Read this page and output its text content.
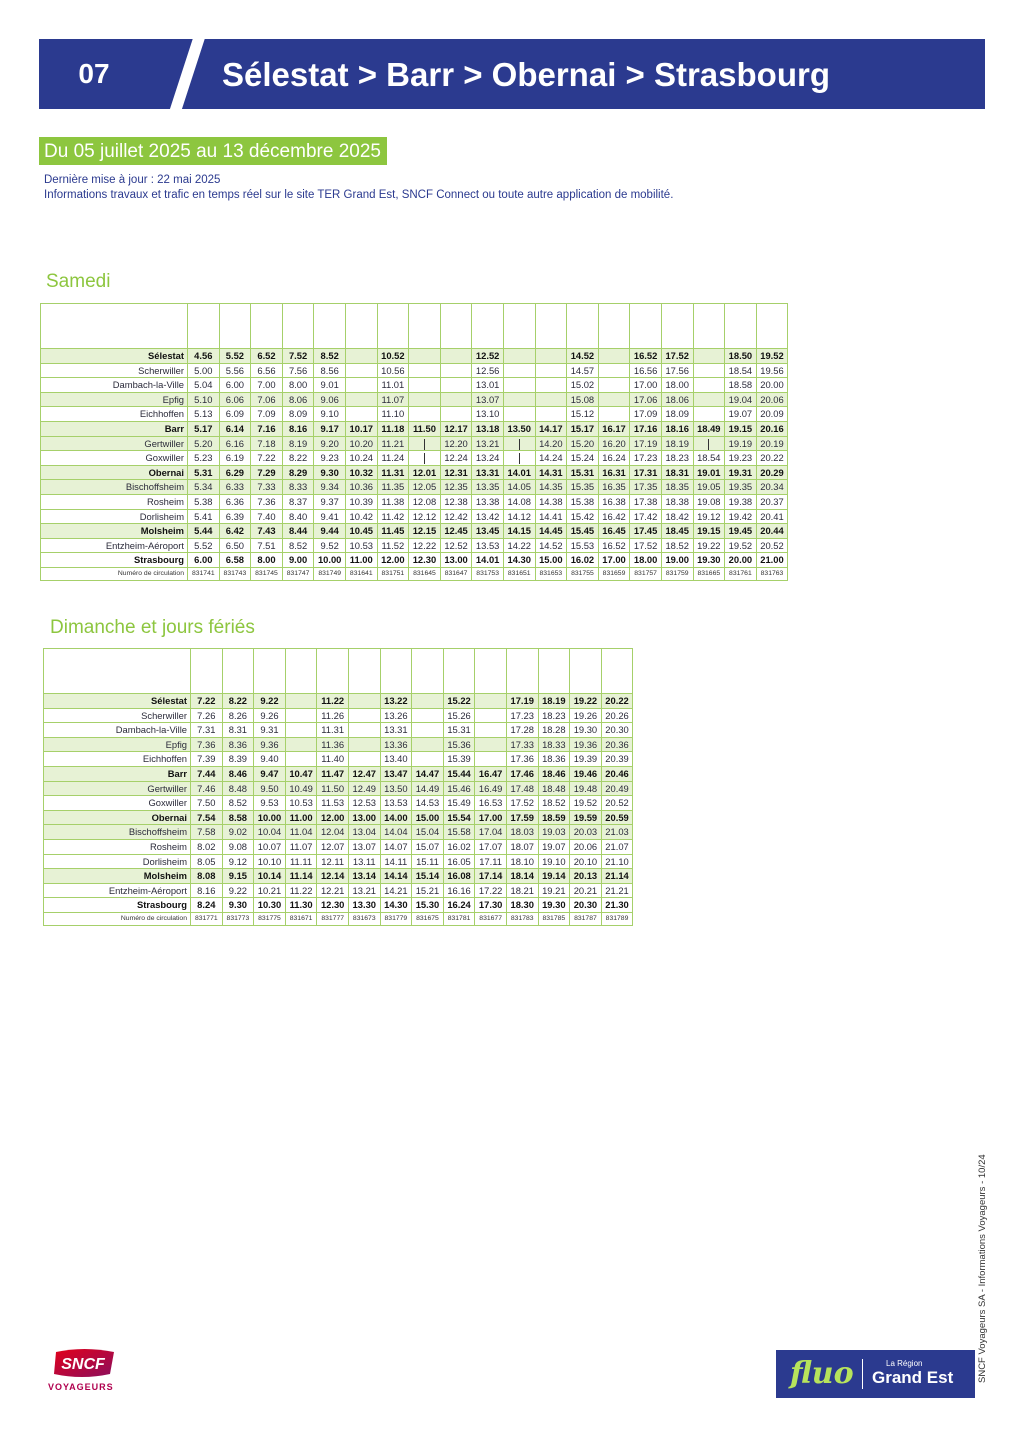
07	Sélestat > Barr > Obernai > Strasbourg
Du 05 juillet 2025 au 13 décembre 2025
Dernière mise à jour : 22 mai 2025
Informations travaux et trafic en temps réel sur le site TER Grand Est, SNCF Connect ou toute autre application de mobilité.
Samedi

Sélestat	4.56	5.52	6.52	7.52	8.52		10.52			12.52			14.52		16.52	17.52		18.50	19.52
Scherwiller	5.00	5.56	6.56	7.56	8.56		10.56			12.56			14.57		16.56	17.56		18.54	19.56
Dambach-la-Ville	5.04	6.00	7.00	8.00	9.01		11.01			13.01			15.02		17.00	18.00		18.58	20.00
Epfig	5.10	6.06	7.06	8.06	9.06		11.07			13.07			15.08		17.06	18.06		19.04	20.06
Eichhoffen	5.13	6.09	7.09	8.09	9.10		11.10			13.10			15.12		17.09	18.09		19.07	20.09
Barr	5.17	6.14	7.16	8.16	9.17	10.17	11.18	11.50	12.17	13.18	13.50	14.17	15.17	16.17	17.16	18.16	18.49	19.15	20.16
Gertwiller	5.20	6.16	7.18	8.19	9.20	10.20	11.21		12.20	13.21		14.20	15.20	16.20	17.19	18.19		19.19	20.19
Goxwiller	5.23	6.19	7.22	8.22	9.23	10.24	11.24		12.24	13.24		14.24	15.24	16.24	17.23	18.23	18.54	19.23	20.22
Obernai	5.31	6.29	7.29	8.29	9.30	10.32	11.31	12.01	12.31	13.31	14.01	14.31	15.31	16.31	17.31	18.31	19.01	19.31	20.29
Bischoffsheim	5.34	6.33	7.33	8.33	9.34	10.36	11.35	12.05	12.35	13.35	14.05	14.35	15.35	16.35	17.35	18.35	19.05	19.35	20.34
Rosheim	5.38	6.36	7.36	8.37	9.37	10.39	11.38	12.08	12.38	13.38	14.08	14.38	15.38	16.38	17.38	18.38	19.08	19.38	20.37
Dorlisheim	5.41	6.39	7.40	8.40	9.41	10.42	11.42	12.12	12.42	13.42	14.12	14.41	15.42	16.42	17.42	18.42	19.12	19.42	20.41
Molsheim	5.44	6.42	7.43	8.44	9.44	10.45	11.45	12.15	12.45	13.45	14.15	14.45	15.45	16.45	17.45	18.45	19.15	19.45	20.44
Entzheim-Aéroport	5.52	6.50	7.51	8.52	9.52	10.53	11.52	12.22	12.52	13.53	14.22	14.52	15.53	16.52	17.52	18.52	19.22	19.52	20.52
Strasbourg	6.00	6.58	8.00	9.00	10.00	11.00	12.00	12.30	13.00	14.01	14.30	15.00	16.02	17.00	18.00	19.00	19.30	20.00	21.00
Numéro de circulation	831741	831743	831745	831747	831749	831641	831751	831645	831647	831753	831651	831653	831755	831659	831757	831759	831665	831761	831763
Dimanche et jours fériés

Sélestat	7.22	8.22	9.22		11.22		13.22		15.22		17.19	18.19	19.22	20.22
Scherwiller	7.26	8.26	9.26		11.26		13.26		15.26		17.23	18.23	19.26	20.26
Dambach-la-Ville	7.31	8.31	9.31		11.31		13.31		15.31		17.28	18.28	19.30	20.30
Epfig	7.36	8.36	9.36		11.36		13.36		15.36		17.33	18.33	19.36	20.36
Eichhoffen	7.39	8.39	9.40		11.40		13.40		15.39		17.36	18.36	19.39	20.39
Barr	7.44	8.46	9.47	10.47	11.47	12.47	13.47	14.47	15.44	16.47	17.46	18.46	19.46	20.46
Gertwiller	7.46	8.48	9.50	10.49	11.50	12.49	13.50	14.49	15.46	16.49	17.48	18.48	19.48	20.49
Goxwiller	7.50	8.52	9.53	10.53	11.53	12.53	13.53	14.53	15.49	16.53	17.52	18.52	19.52	20.52
Obernai	7.54	8.58	10.00	11.00	12.00	13.00	14.00	15.00	15.54	17.00	17.59	18.59	19.59	20.59
Bischoffsheim	7.58	9.02	10.04	11.04	12.04	13.04	14.04	15.04	15.58	17.04	18.03	19.03	20.03	21.03
Rosheim	8.02	9.08	10.07	11.07	12.07	13.07	14.07	15.07	16.02	17.07	18.07	19.07	20.06	21.07
Dorlisheim	8.05	9.12	10.10	11.11	12.11	13.11	14.11	15.11	16.05	17.11	18.10	19.10	20.10	21.10
Molsheim	8.08	9.15	10.14	11.14	12.14	13.14	14.14	15.14	16.08	17.14	18.14	19.14	20.13	21.14
Entzheim-Aéroport	8.16	9.22	10.21	11.22	12.21	13.21	14.21	15.21	16.16	17.22	18.21	19.21	20.21	21.21
Strasbourg	8.24	9.30	10.30	11.30	12.30	13.30	14.30	15.30	16.24	17.30	18.30	19.30	20.30	21.30
Numéro de circulation	831771	831773	831775	831671	831777	831673	831779	831675	831781	831677	831783	831785	831787	831789
SNCF Voyageurs SA - Informations Voyageurs - 10/24
SNCF
VOYAGEURS	fluo	La Région
Grand Est
